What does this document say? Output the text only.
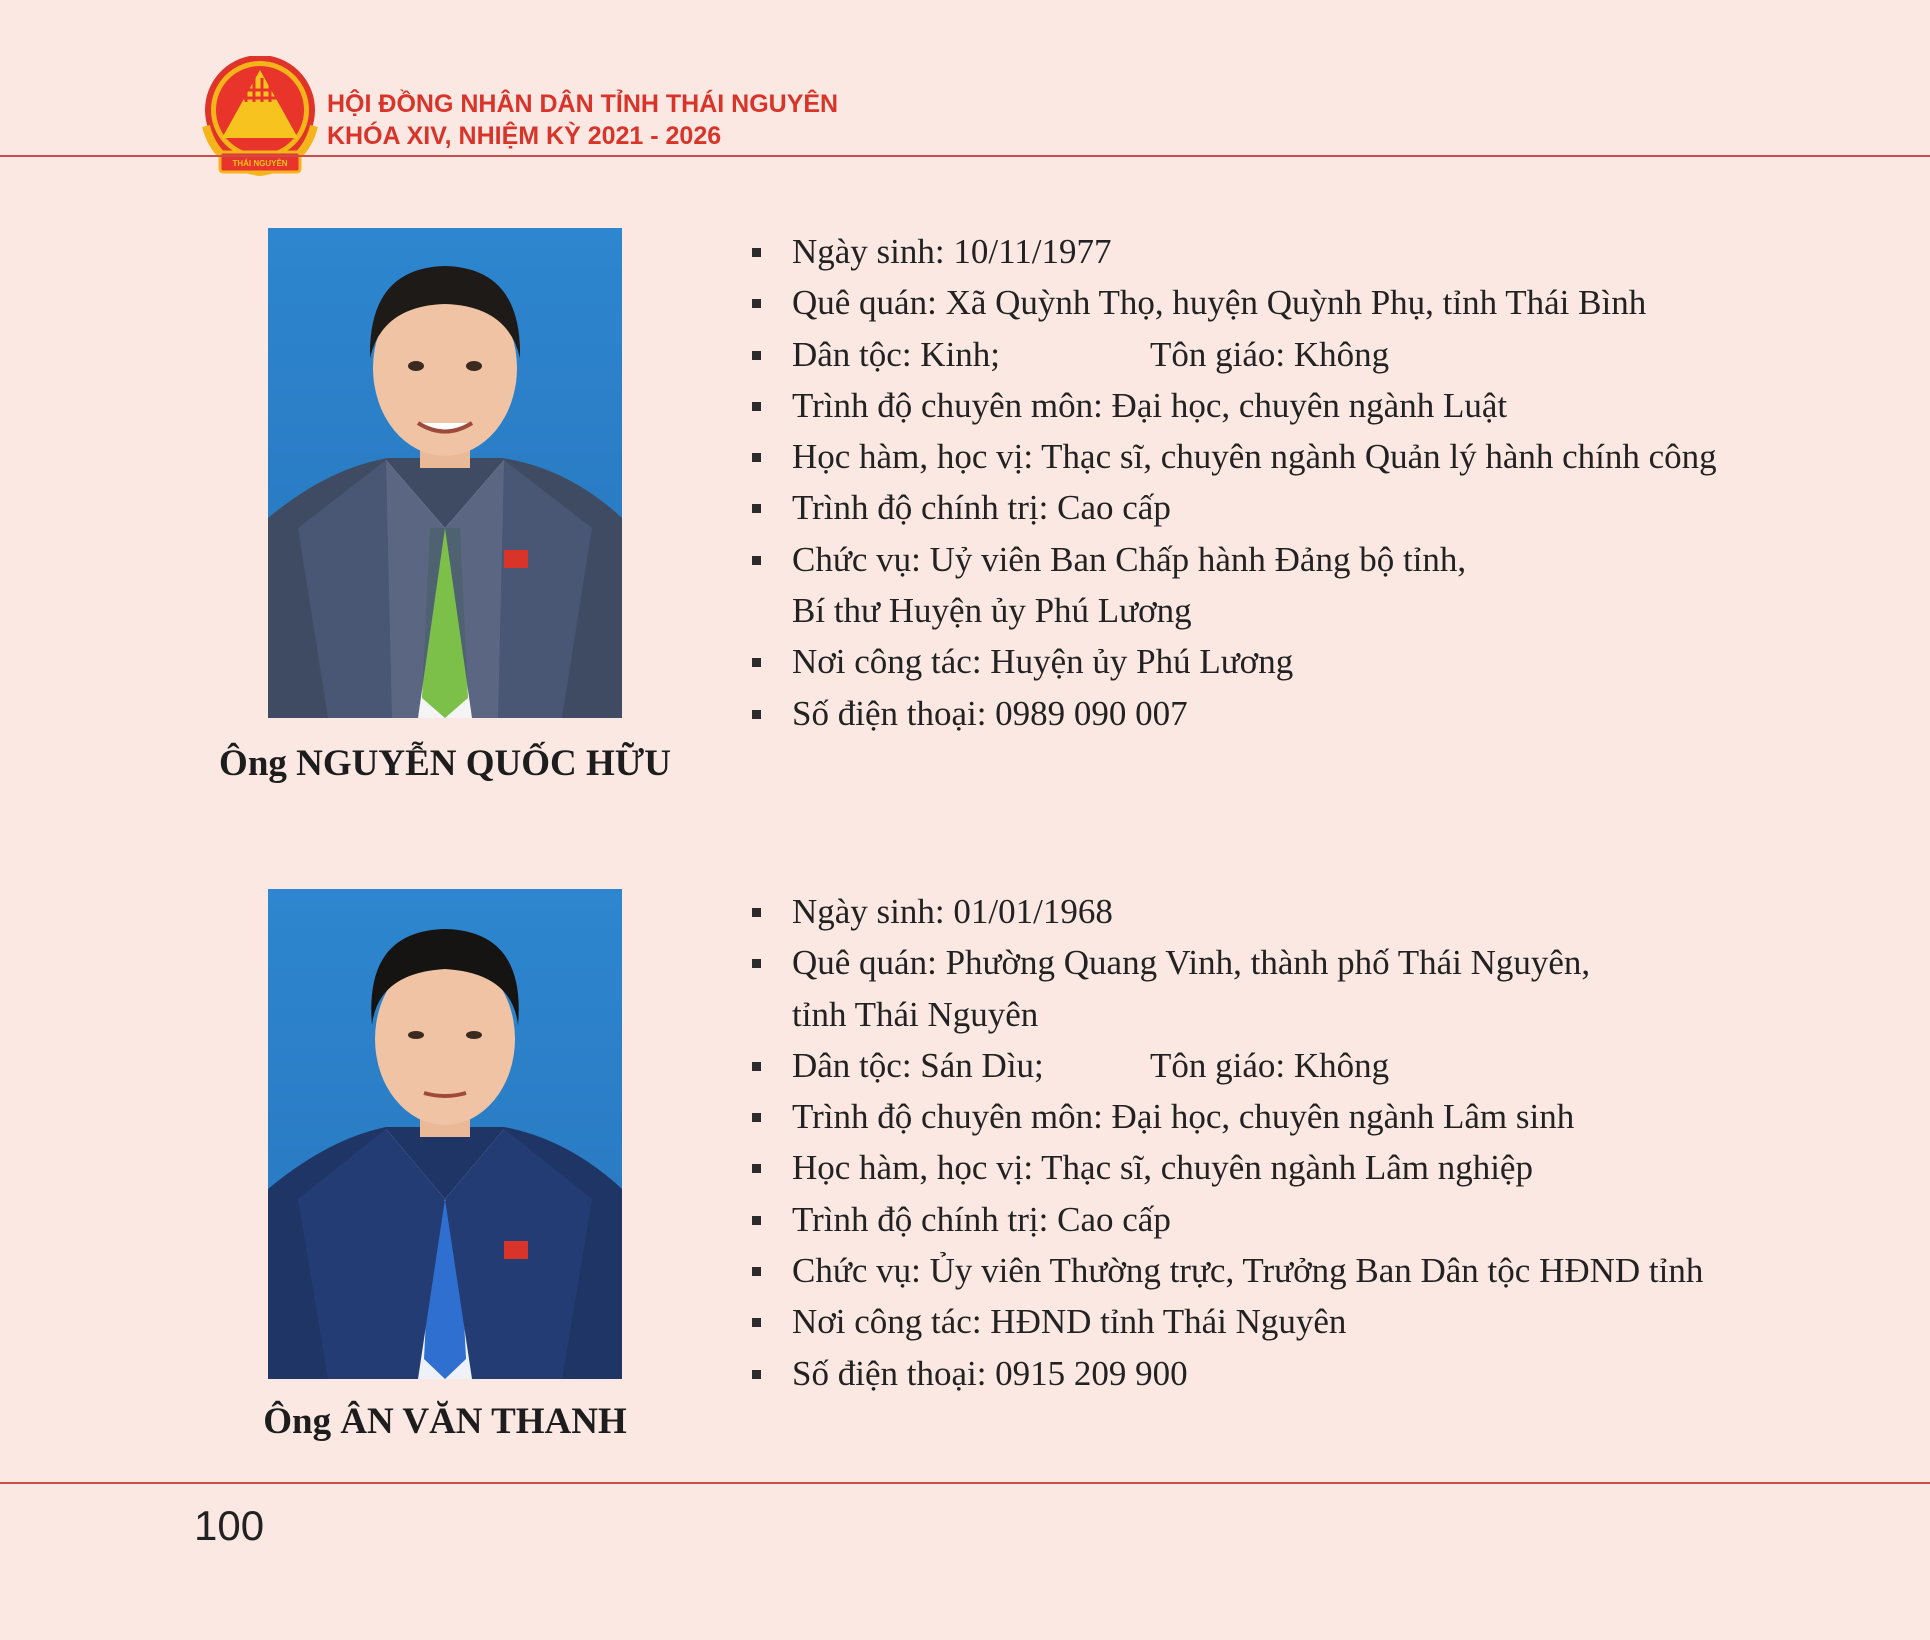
THÁI NGUYÊN
HỘI ĐỒNG NHÂN DÂN TỈNH THÁI NGUYÊN
KHÓA XIV, NHIỆM KỲ 2021 - 2026
Ông NGUYỄN QUỐC HỮU
Ngày sinh: 10/11/1977
Quê quán: Xã Quỳnh Thọ, huyện Quỳnh Phụ, tỉnh Thái Bình
Dân tộc: Kinh;	Tôn giáo: Không
Trình độ chuyên môn: Đại học, chuyên ngành Luật
Học hàm, học vị: Thạc sĩ, chuyên ngành Quản lý hành chính công
Trình độ chính trị: Cao cấp
Chức vụ: Uỷ viên Ban Chấp hành Đảng bộ tỉnh,
Bí thư Huyện ủy Phú Lương
Nơi công tác: Huyện ủy Phú Lương
Số điện thoại: 0989 090 007
Ông ÂN VĂN THANH
Ngày sinh: 01/01/1968
Quê quán: Phường Quang Vinh, thành phố Thái Nguyên,
tỉnh Thái Nguyên
Dân tộc: Sán Dìu;	Tôn giáo: Không
Trình độ chuyên môn: Đại học, chuyên ngành Lâm sinh
Học hàm, học vị: Thạc sĩ, chuyên ngành Lâm nghiệp
Trình độ chính trị: Cao cấp
Chức vụ: Ủy viên Thường trực, Trưởng Ban Dân tộc HĐND tỉnh
Nơi công tác: HĐND tỉnh Thái Nguyên
Số điện thoại: 0915 209 900
100
